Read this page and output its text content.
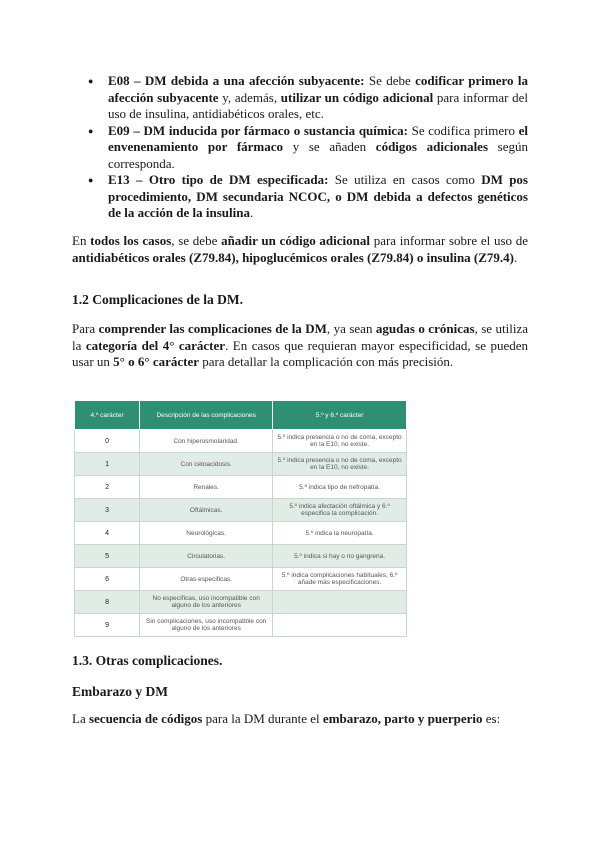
● E08 – DM debida a una afección subyacente: Se debe codificar primero la afección subyacente y, además, utilizar un código adicional para informar del uso de insulina, antidiabéticos orales, etc.
● E09 – DM inducida por fármaco o sustancia química: Se codifica primero el envenenamiento por fármaco y se añaden códigos adicionales según corresponda.
● E13 – Otro tipo de DM especificada: Se utiliza en casos como DM pos procedimiento, DM secundaria NCOC, o DM debida a defectos genéticos de la acción de la insulina.

En todos los casos, se debe añadir un código adicional para informar sobre el uso de antidiabéticos orales (Z79.84), hipoglucémicos orales (Z79.84) o insulina (Z79.4).

1.2 Complicaciones de la DM.

Para comprender las complicaciones de la DM, ya sean agudas o crónicas, se utiliza la categoría del 4° carácter. En casos que requieran mayor especificidad, se pueden usar un 5° o 6° carácter para detallar la complicación con más precisión.

4.º carácter	Descripción de las complicaciones	5.º y 6.º carácter
0	Con hiperosmolaridad.	5.º indica presencia o no de coma, excepto en la E10, no existe.
1	Con cetoacidosis.	5.º indica presencia o no de coma, excepto en la E10, no existe.
2	Renales.	5.º indica tipo de nefropatía.
3	Oftálmicas.	5.º indica afectación oftálmica y 6.º especifica la complicación.
4	Neurológicas.	5.º indica la neuropatía.
5	Circulatorias.	5.º indica si hay o no gangrena.
6	Otras especificas.	5.º indica complicaciones habituales, 6.º añade más especificaciones.
8	No específicas, uso incompatible con alguno de los anteriores	
9	Sin complicaciones, uso incompatible con alguno de los anteriores	
1.3. Otras complicaciones.
Embarazo y DM

La secuencia de códigos para la DM durante el embarazo, parto y puerperio es:
